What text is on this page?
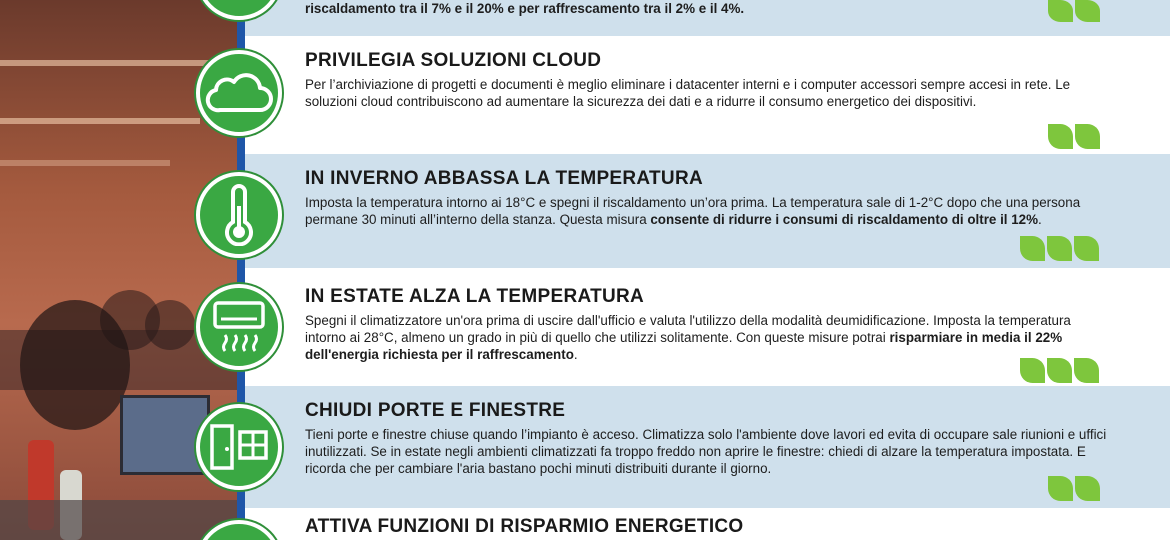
riscaldamento tra il 7% e il 20% e per raffrescamento tra il 2% e il 4%.
PRIVILEGIA SOLUZIONI CLOUD

Per l’archiviazione di progetti e documenti è meglio eliminare i datacenter interni e i computer accessori sempre accesi in rete. Le soluzioni cloud contribuiscono ad aumentare la sicurezza dei dati e a ridurre il consumo energetico dei dispositivi.

IN INVERNO ABBASSA LA TEMPERATURA

Imposta la temperatura intorno ai 18°C e spegni il riscaldamento un’ora prima. La temperatura sale di 1-2°C dopo che una persona permane 30 minuti all’interno della stanza. Questa misura consente di ridurre i consumi di riscaldamento di oltre il 12%.

IN ESTATE ALZA LA TEMPERATURA

Spegni il climatizzatore un'ora prima di uscire dall'ufficio e valuta l'utilizzo della modalità deumidificazione. Imposta la temperatura intorno ai 28°C, almeno un grado in più di quello che utilizzi solitamente. Con queste misure potrai risparmiare in media il 22% dell'energia richiesta per il raffrescamento.

CHIUDI PORTE E FINESTRE

Tieni porte e finestre chiuse quando l’impianto è acceso. Climatizza solo l'ambiente dove lavori ed evita di occupare sale riunioni e uffici inutilizzati. Se in estate negli ambienti climatizzati fa troppo freddo non aprire le finestre: chiedi di alzare la temperatura impostata. E ricorda che per cambiare l'aria bastano pochi minuti distribuiti durante il giorno.

ATTIVA FUNZIONI DI RISPARMIO ENERGETICO
